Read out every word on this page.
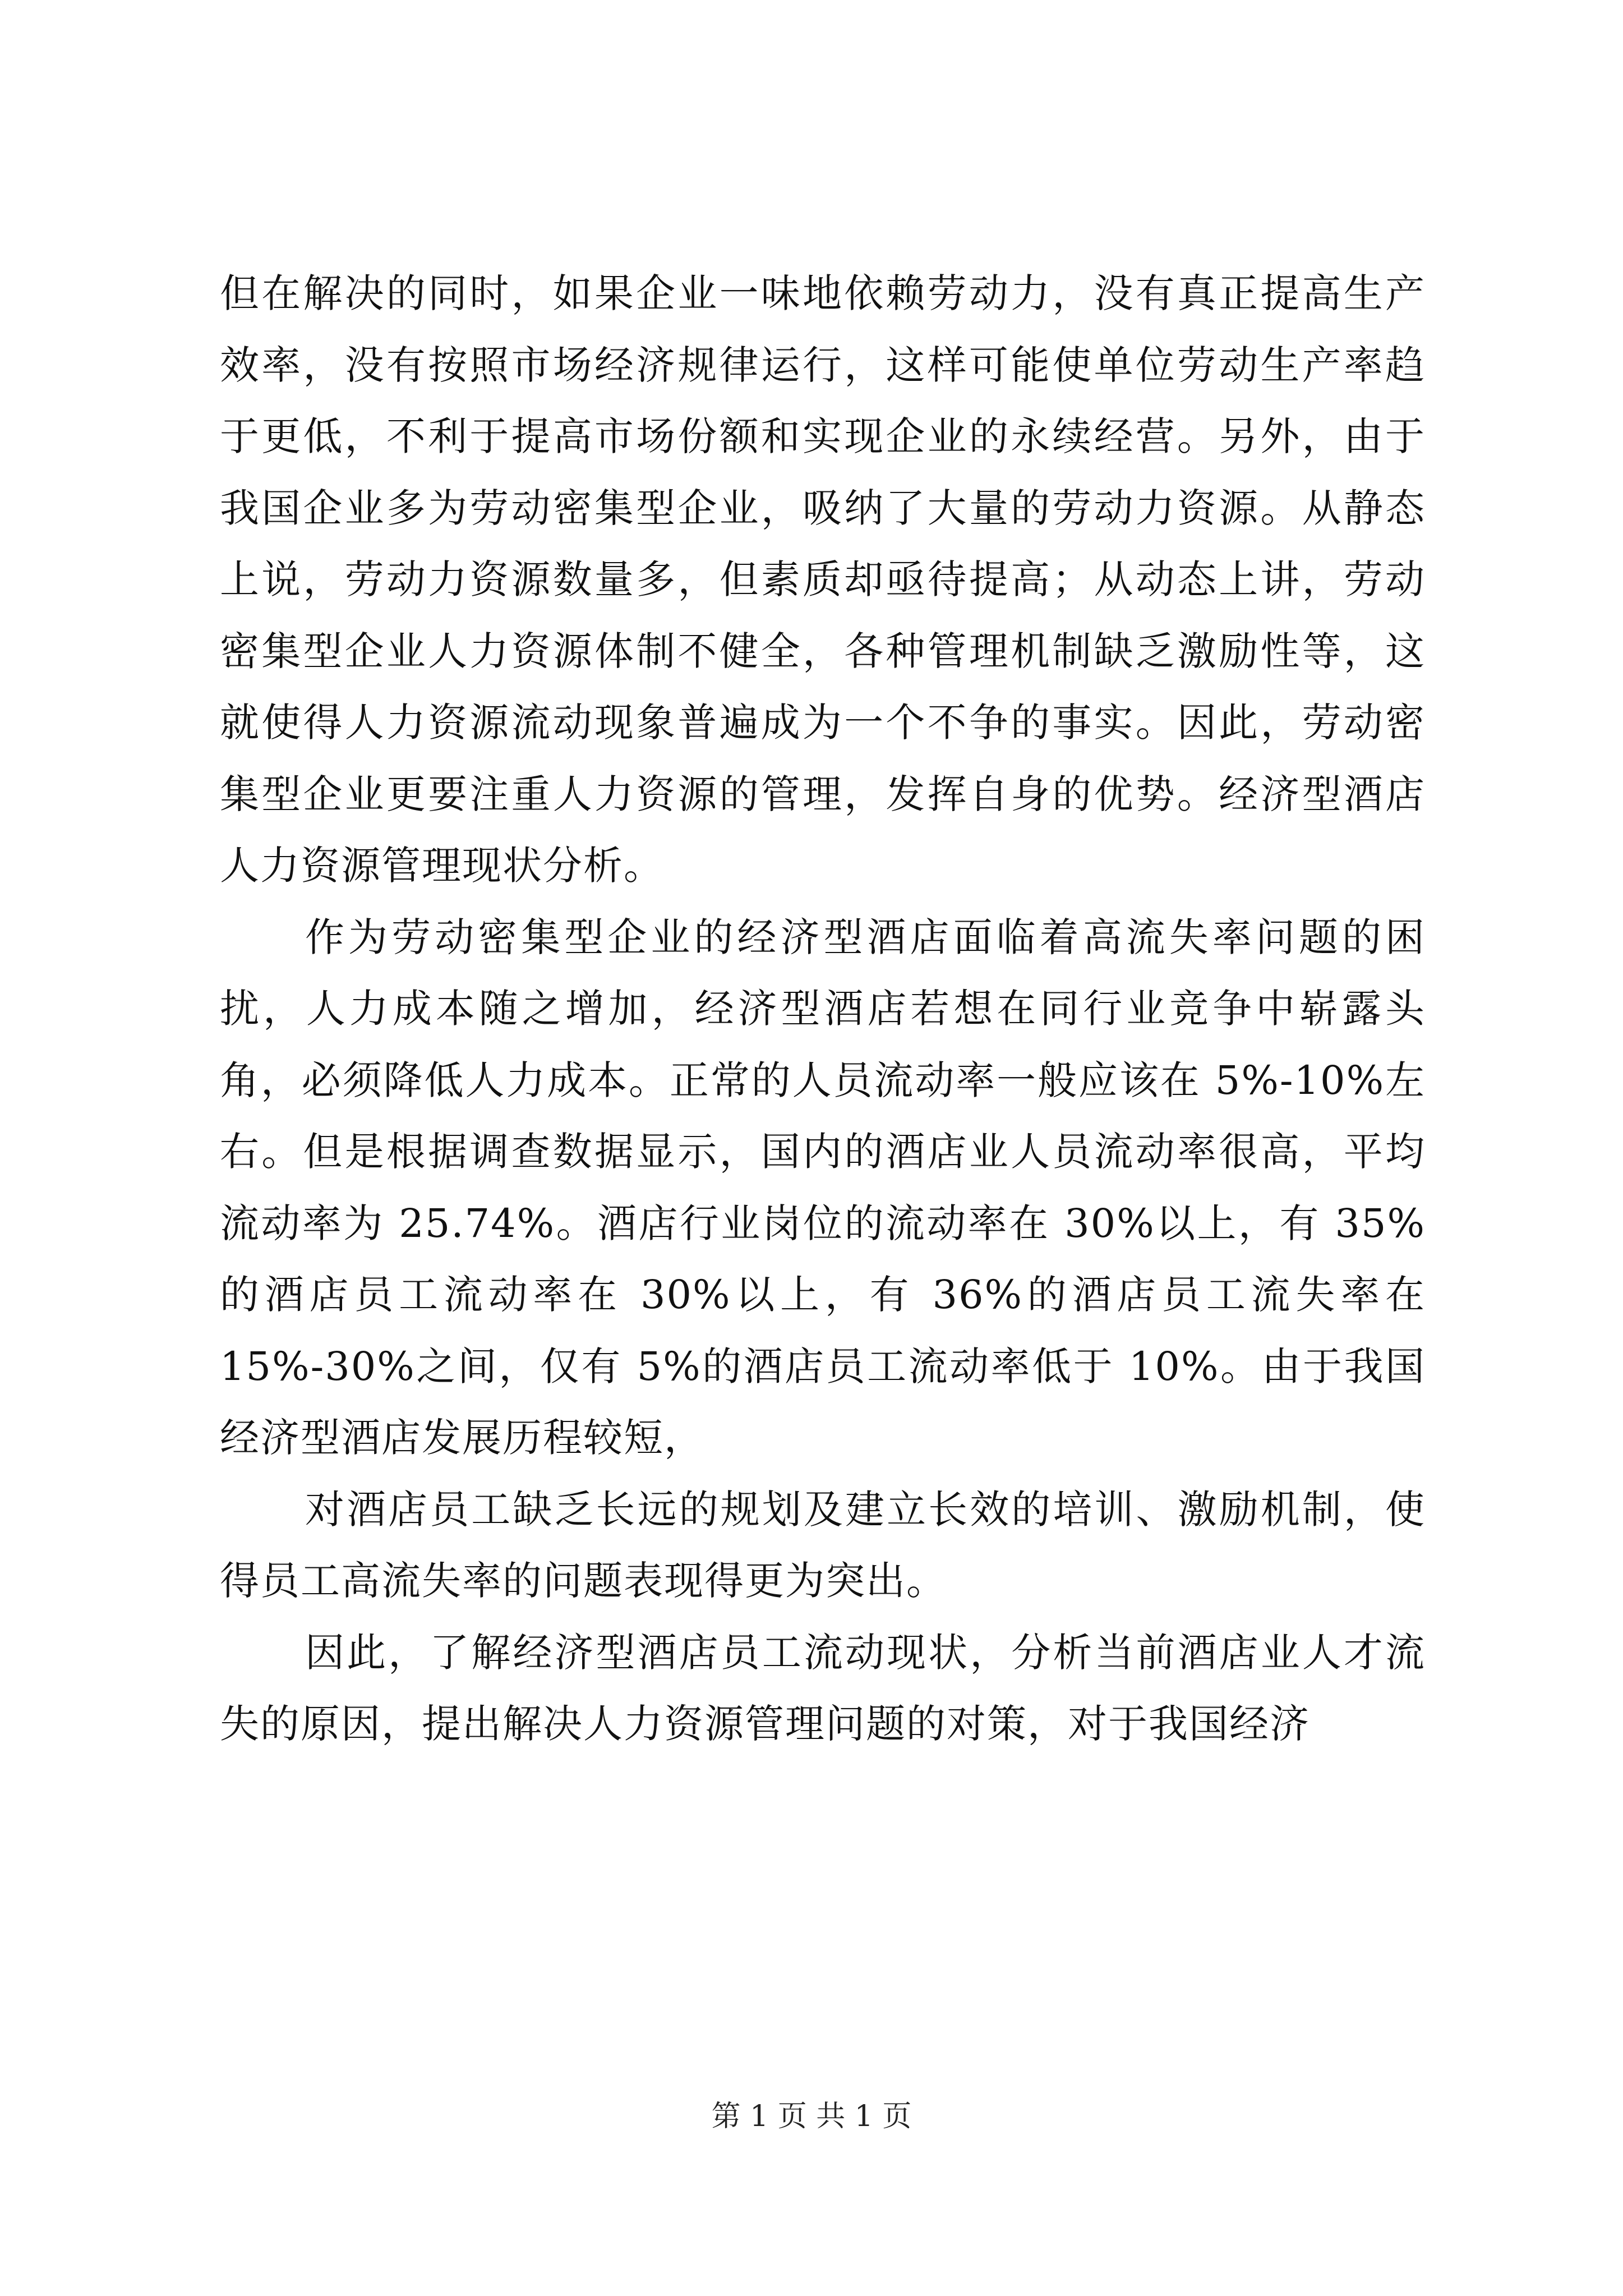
但在解决的同时，如果企业一味地依赖劳动力，没有真正提高生产效率，没有按照市场经济规律运行，这样可能使单位劳动生产率趋于更低，不利于提高市场份额和实现企业的永续经营。另外，由于我国企业多为劳动密集型企业，吸纳了大量的劳动力资源。从静态上说，劳动力资源数量多，但素质却亟待提高；从动态上讲，劳动密集型企业人力资源体制不健全，各种管理机制缺乏激励性等，这就使得人力资源流动现象普遍成为一个不争的事实。因此，劳动密集型企业更要注重人力资源的管理，发挥自身的优势。经济型酒店人力资源管理现状分析。

作为劳动密集型企业的经济型酒店面临着高流失率问题的困扰，人力成本随之增加，经济型酒店若想在同行业竞争中崭露头角，必须降低人力成本。正常的人员流动率一般应该在 5%-10%左右。但是根据调查数据显示，国内的酒店业人员流动率很高，平均流动率为 25.74%。酒店行业岗位的流动率在 30%以上，有 35%的酒店员工流动率在 30%以上，有 36%的酒店员工流失率在 15%-30%之间，仅有 5%的酒店员工流动率低于 10%。由于我国经济型酒店发展历程较短，

对酒店员工缺乏长远的规划及建立长效的培训、激励机制，使得员工高流失率的问题表现得更为突出。

因此，了解经济型酒店员工流动现状，分析当前酒店业人才流失的原因，提出解决人力资源管理问题的对策，对于我国经济

第 1 页 共 1 页
